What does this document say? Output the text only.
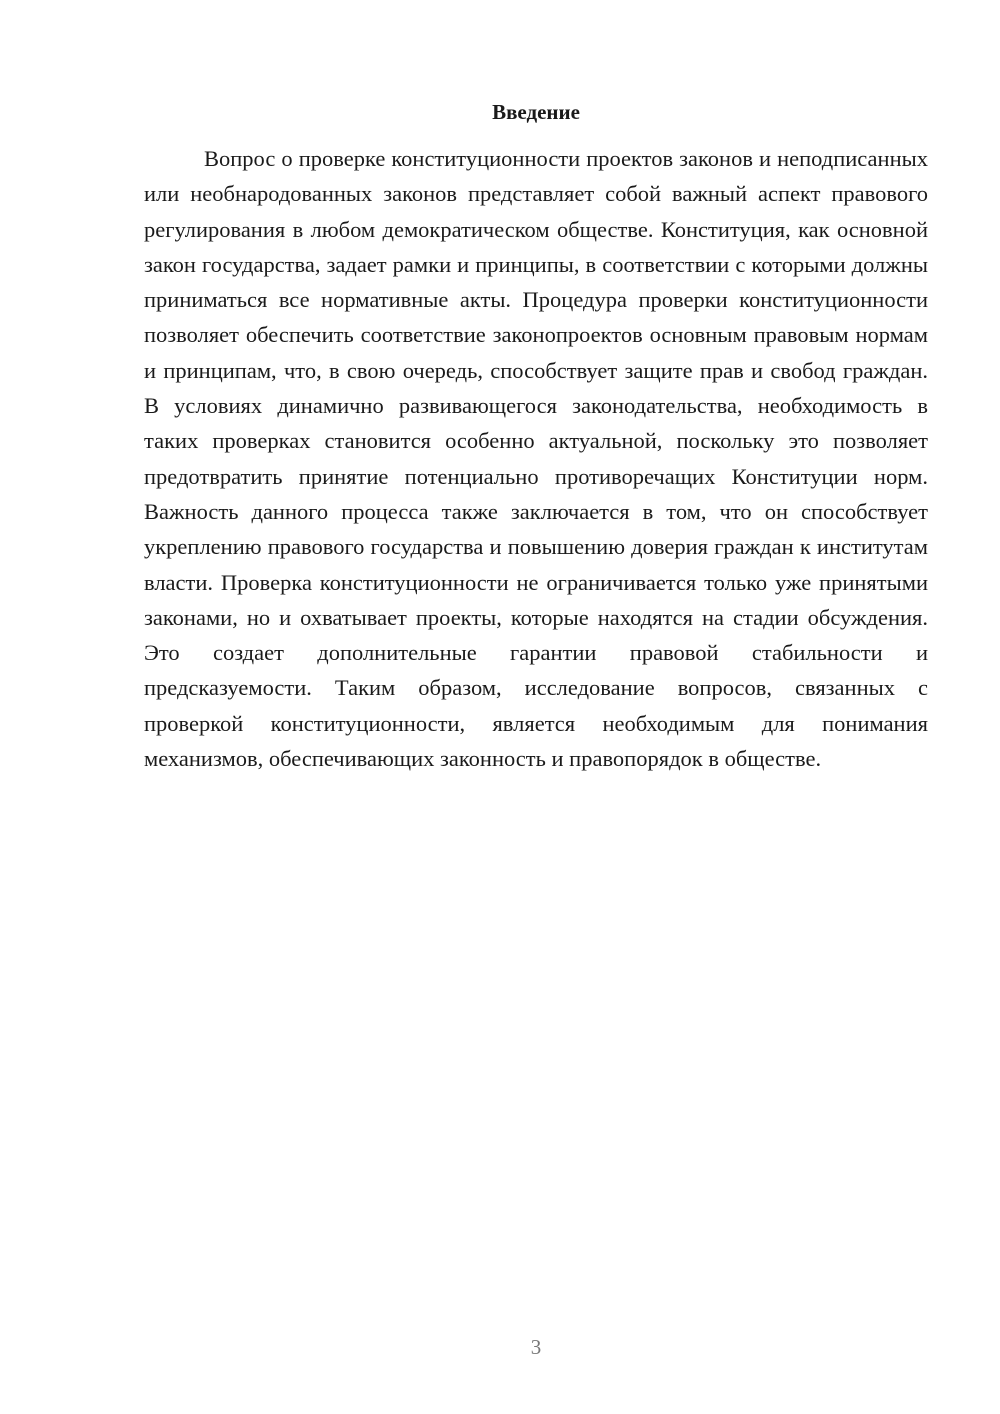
Введение

Вопрос о проверке конституционности проектов законов и неподписанных или необнародованных законов представляет собой важный аспект правового регулирования в любом демократическом обществе. Конституция, как основной закон государства, задает рамки и принципы, в соответствии с которыми должны приниматься все нормативные акты. Процедура проверки конституционности позволяет обеспечить соответствие законопроектов основным правовым нормам и принципам, что, в свою очередь, способствует защите прав и свобод граждан. В условиях динамично развивающегося законодательства, необходимость в таких проверках становится особенно актуальной, поскольку это позволяет предотвратить принятие потенциально противоречащих Конституции норм. Важность данного процесса также заключается в том, что он способствует укреплению правового государства и повышению доверия граждан к институтам власти. Проверка конституционности не ограничивается только уже принятыми законами, но и охватывает проекты, которые находятся на стадии обсуждения. Это создает дополнительные гарантии правовой стабильности и предсказуемости. Таким образом, исследование вопросов, связанных с проверкой конституционности, является необходимым для понимания механизмов, обеспечивающих законность и правопорядок в обществе.

3
